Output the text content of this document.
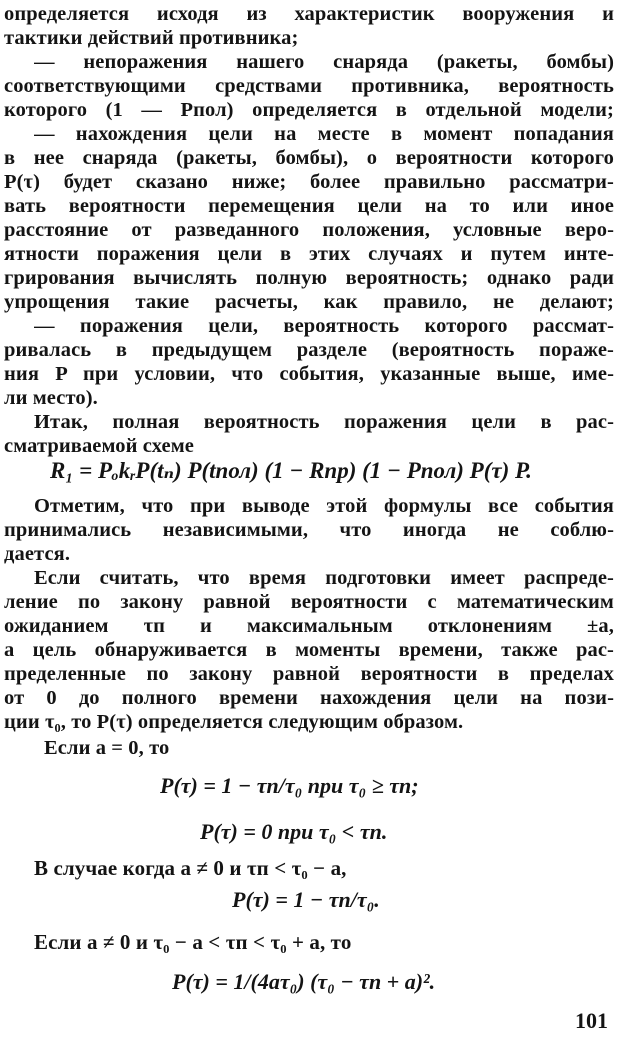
определяется исходя из характеристик вооружения и
тактики действий противника;
— непоражения нашего снаряда (ракеты, бомбы)
соответствующими средствами противника, вероятность
которого (1 — Pпол) определяется в отдельной модели;
— нахождения цели на месте в момент попадания
в нее снаряда (ракеты, бомбы), о вероятности которого
P(τ) будет сказано ниже; более правильно рассматри-
вать вероятности перемещения цели на то или иное
расстояние от разведанного положения, условные веро-
ятности поражения цели в этих случаях и путем инте-
грирования вычислять полную вероятность; однако ради
упрощения такие расчеты, как правило, не делают;
— поражения цели, вероятность которого рассмат-
ривалась в предыдущем разделе (вероятность пораже-
ния P при условии, что события, указанные выше, име-
ли место).
Итак, полная вероятность поражения цели в рас-
сматриваемой схеме
R₁ = PₒkᵣP(tₙ) P(tпол) (1 − Rпр) (1 − Pпол) P(τ) P.
Отметим, что при выводе этой формулы все события
принимались независимыми, что иногда не соблю-
дается.
Если считать, что время подготовки имеет распреде-
ление по закону равной вероятности с математическим
ожиданием τп и максимальным отклонениям ±a,
а цель обнаруживается в моменты времени, также рас-
пределенные по закону равной вероятности в пределах
от 0 до полного времени нахождения цели на пози-
ции τ₀, то P(τ) определяется следующим образом.
Если a = 0, то
P(τ) = 1 − τп/τ₀ при τ₀ ≥ τп;
P(τ) = 0 при τ₀ < τп.
В случае когда a ≠ 0 и τп < τ₀ − a,
P(τ) = 1 − τп/τ₀.
Если a ≠ 0 и τ₀ − a < τп < τ₀ + a, то
P(τ) = 1/(4aτ₀) (τ₀ − τп + a)².
101
